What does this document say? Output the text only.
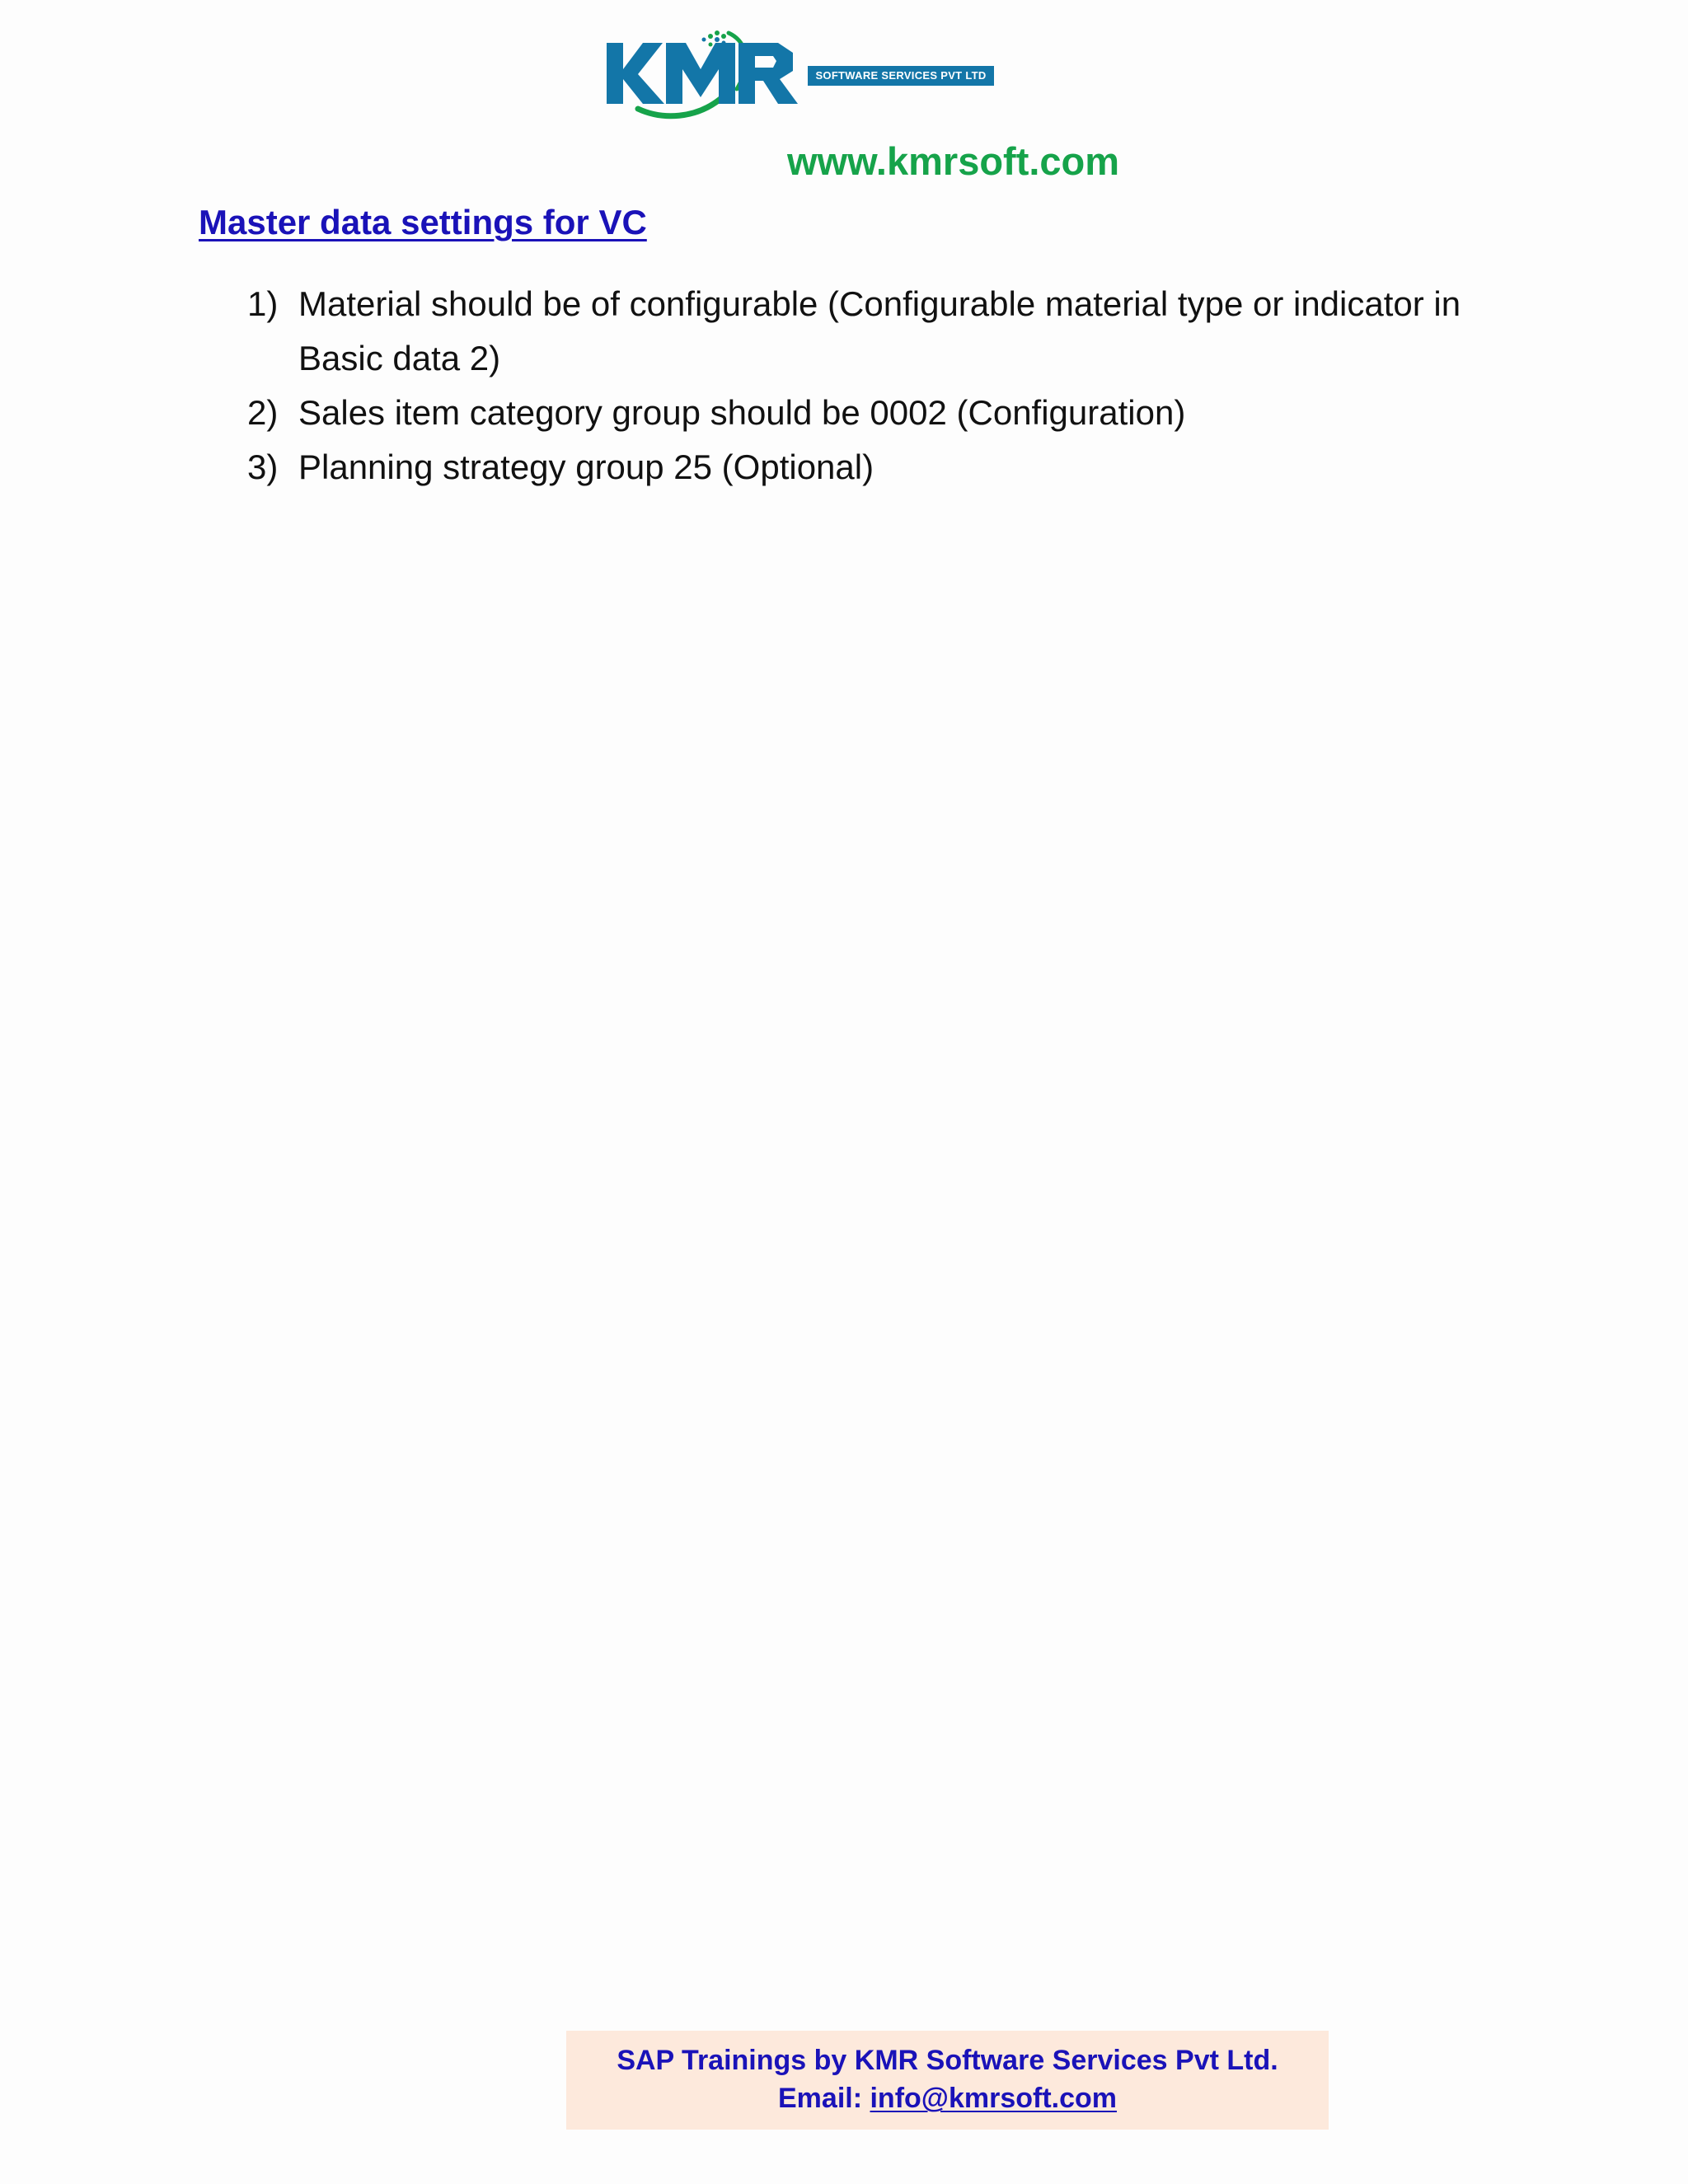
SOFTWARE SERVICES PVT LTD
www.kmrsoft.com
Master data settings for VC
1) Material should be of configurable (Configurable material type or indicator in Basic data 2)
2) Sales item category group should be 0002 (Configuration)
3) Planning strategy group 25 (Optional)
SAP Trainings by KMR Software Services Pvt Ltd.
Email: info@kmrsoft.com
